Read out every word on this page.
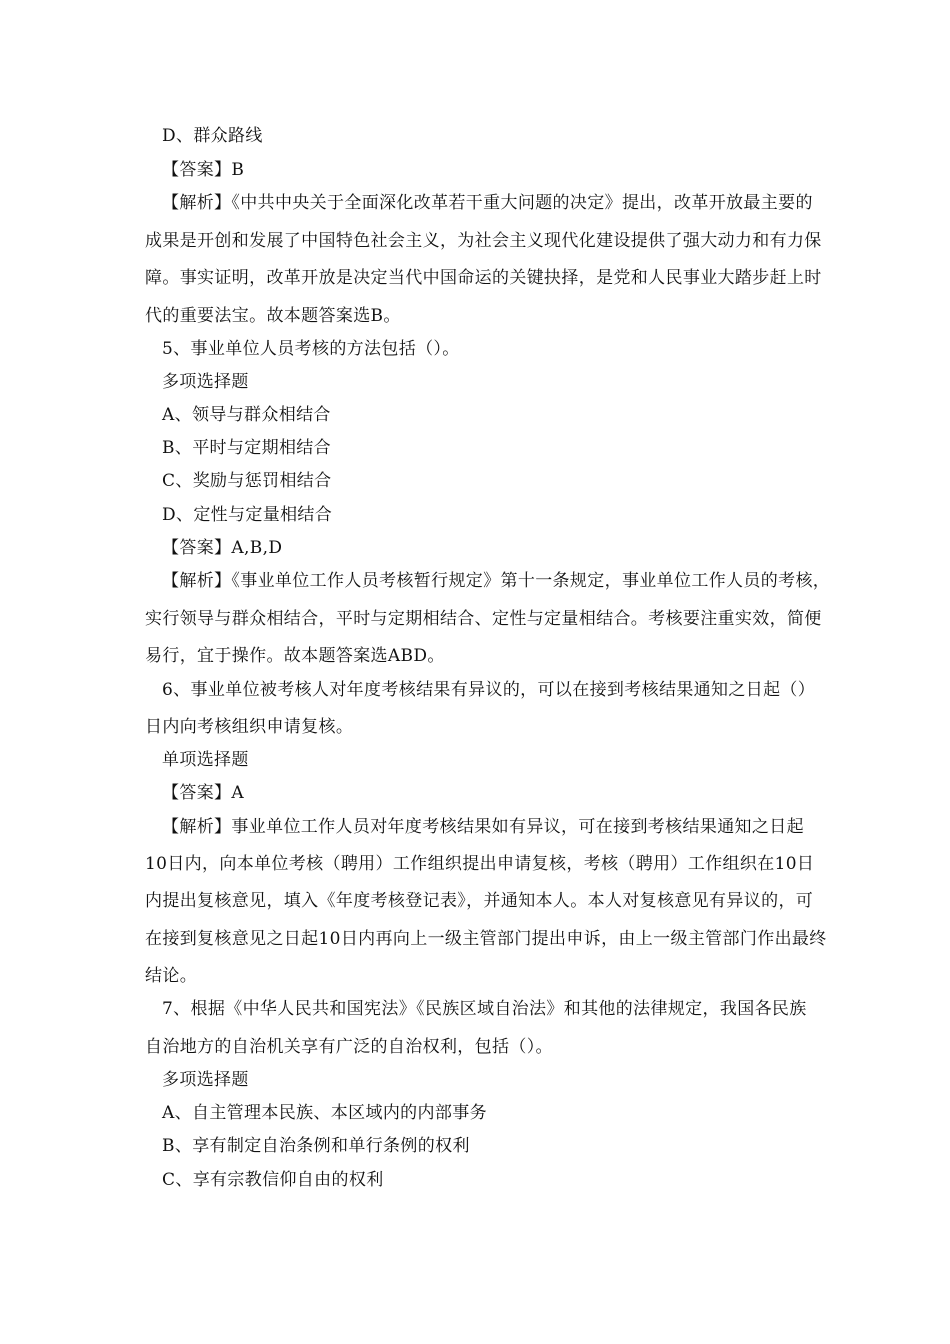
D、群众路线
【答案】B
【解析】《中共中央关于全面深化改革若干重大问题的决定》提出，改革开放最主要的
成果是开创和发展了中国特色社会主义，为社会主义现代化建设提供了强大动力和有力保
障。事实证明，改革开放是决定当代中国命运的关键抉择，是党和人民事业大踏步赶上时
代的重要法宝。故本题答案选B。
5、事业单位人员考核的方法包括（）。
多项选择题
A、领导与群众相结合
B、平时与定期相结合
C、奖励与惩罚相结合
D、定性与定量相结合
【答案】A,B,D
【解析】《事业单位工作人员考核暂行规定》第十一条规定，事业单位工作人员的考核，
实行领导与群众相结合，平时与定期相结合、定性与定量相结合。考核要注重实效，简便
易行，宜于操作。故本题答案选ABD。
6、事业单位被考核人对年度考核结果有异议的，可以在接到考核结果通知之日起（）
日内向考核组织申请复核。
单项选择题
【答案】A
【解析】事业单位工作人员对年度考核结果如有异议，可在接到考核结果通知之日起
10日内，向本单位考核（聘用）工作组织提出申请复核，考核（聘用）工作组织在10日
内提出复核意见，填入《年度考核登记表》，并通知本人。本人对复核意见有异议的，可
在接到复核意见之日起10日内再向上一级主管部门提出申诉，由上一级主管部门作出最终
结论。
7、根据《中华人民共和国宪法》《民族区域自治法》和其他的法律规定，我国各民族
自治地方的自治机关享有广泛的自治权利，包括（）。
多项选择题
A、自主管理本民族、本区域内的内部事务
B、享有制定自治条例和单行条例的权利
C、享有宗教信仰自由的权利
